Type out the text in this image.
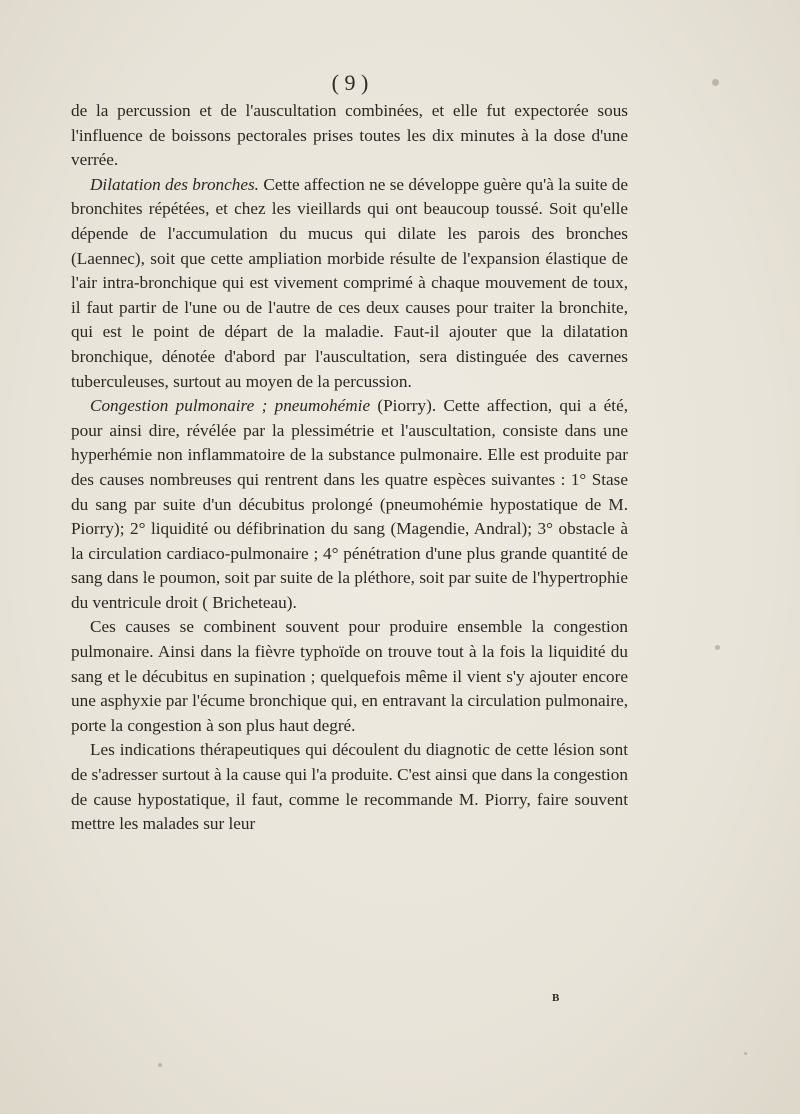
( 9 )

de la percussion et de l'auscultation combinées, et elle fut expectorée sous l'influence de boissons pectorales prises toutes les dix minutes à la dose d'une verrée.

Dilatation des bronches. Cette affection ne se développe guère qu'à la suite de bronchites répétées, et chez les vieillards qui ont beaucoup toussé. Soit qu'elle dépende de l'accumulation du mucus qui dilate les parois des bronches (Laennec), soit que cette ampliation morbide résulte de l'expansion élastique de l'air intra-bronchique qui est vivement comprimé à chaque mouvement de toux, il faut partir de l'une ou de l'autre de ces deux causes pour traiter la bronchite, qui est le point de départ de la maladie. Faut-il ajouter que la dilatation bronchique, dénotée d'abord par l'auscultation, sera distinguée des cavernes tuberculeuses, surtout au moyen de la percussion.

Congestion pulmonaire ; pneumohémie (Piorry). Cette affection, qui a été, pour ainsi dire, révélée par la plessimétrie et l'auscultation, consiste dans une hyperhémie non inflammatoire de la substance pulmonaire. Elle est produite par des causes nombreuses qui rentrent dans les quatre espèces suivantes : 1° Stase du sang par suite d'un décubitus prolongé (pneumohémie hypostatique de M. Piorry); 2° liquidité ou défibrination du sang (Magendie, Andral); 3° obstacle à la circulation cardiaco-pulmonaire ; 4° pénétration d'une plus grande quantité de sang dans le poumon, soit par suite de la pléthore, soit par suite de l'hypertrophie du ventricule droit ( Bricheteau).

Ces causes se combinent souvent pour produire ensemble la congestion pulmonaire. Ainsi dans la fièvre typhoïde on trouve tout à la fois la liquidité du sang et le décubitus en supination ; quelquefois même il vient s'y ajouter encore une asphyxie par l'écume bronchique qui, en entravant la circulation pulmonaire, porte la congestion à son plus haut degré.

Les indications thérapeutiques qui découlent du diagnotic de cette lésion sont de s'adresser surtout à la cause qui l'a produite. C'est ainsi que dans la congestion de cause hypostatique, il faut, comme le recommande M. Piorry, faire souvent mettre les malades sur leur

B
